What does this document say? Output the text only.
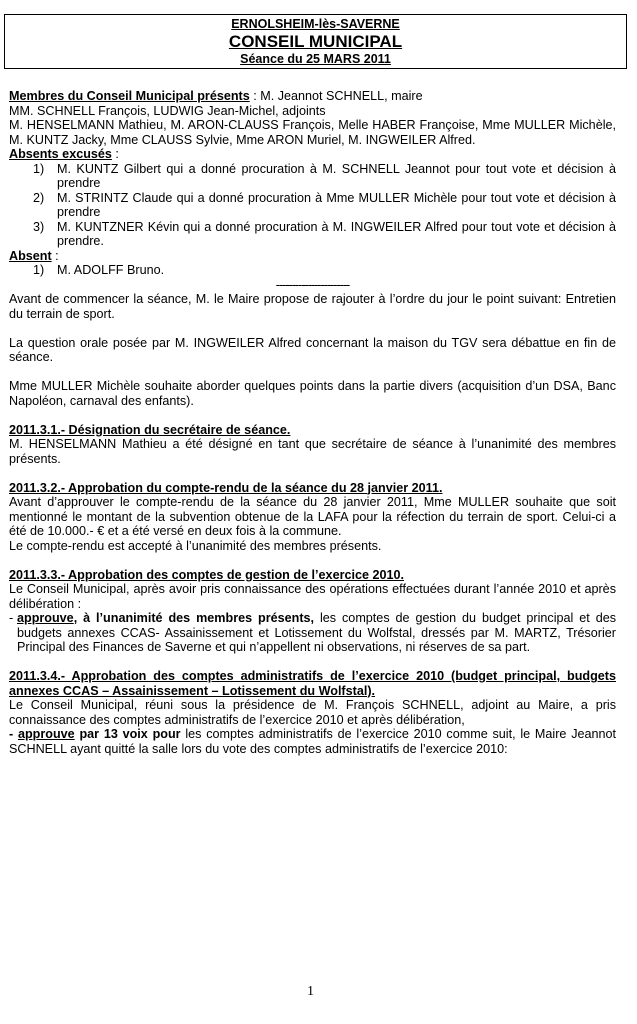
ERNOLSHEIM-lès-SAVERNE
CONSEIL MUNICIPAL
Séance du 25 MARS 2011

Membres du Conseil Municipal présents : M. Jeannot SCHNELL, maire

MM. SCHNELL François, LUDWIG Jean-Michel, adjoints

M. HENSELMANN Mathieu, M. ARON-CLAUSS François, Melle HABER Françoise, Mme MULLER Michèle, M. KUNTZ Jacky, Mme CLAUSS Sylvie, Mme ARON Muriel, M. INGWEILER Alfred.

Absents excusés :

1) M. KUNTZ Gilbert qui a donné procuration à M. SCHNELL Jeannot pour tout vote et décision à prendre
2) M. STRINTZ Claude qui a donné procuration à Mme MULLER Michèle pour tout vote et décision à prendre
3) M. KUNTZNER Kévin qui a donné procuration à M. INGWEILER Alfred pour tout vote et décision à prendre.

Absent :

1) M. ADOLFF Bruno.

-----------------------

Avant de commencer la séance, M. le Maire propose de rajouter à l’ordre du jour le point suivant: Entretien du terrain de sport.

La question orale posée par M. INGWEILER Alfred concernant la maison du TGV sera débattue en fin de séance.

Mme MULLER Michèle souhaite aborder quelques points dans la partie divers (acquisition d’un DSA, Banc Napoléon, carnaval des enfants).

2011.3.1.- Désignation du secrétaire de séance.

M. HENSELMANN Mathieu a été désigné en tant que secrétaire de séance à l’unanimité des membres présents.

2011.3.2.- Approbation du compte-rendu de la séance du 28 janvier 2011.

Avant d’approuver le compte-rendu de la séance du 28 janvier 2011, Mme MULLER souhaite que soit mentionné le montant de la subvention obtenue de la LAFA pour la réfection du terrain de sport. Celui-ci a été de 10.000.- € et a été versé en deux fois à la commune.

Le compte-rendu est accepté à l’unanimité des membres présents.

2011.3.3.- Approbation des comptes de gestion de l’exercice 2010.

Le Conseil Municipal, après avoir pris connaissance des opérations effectuées durant l’année 2010 et après délibération :

- approuve, à l’unanimité des membres présents, les comptes de gestion du budget principal et des budgets annexes CCAS- Assainissement et Lotissement du Wolfstal, dressés par M. MARTZ, Trésorier Principal des Finances de Saverne et qui n’appellent ni observations, ni réserves de sa part.

2011.3.4.- Approbation des comptes administratifs de l’exercice 2010 (budget principal, budgets annexes CCAS – Assainissement – Lotissement du Wolfstal).

Le Conseil Municipal, réuni sous la présidence de M. François SCHNELL, adjoint au Maire, a pris connaissance des comptes administratifs de l’exercice 2010 et après délibération,

- approuve par 13 voix pour les comptes administratifs de l’exercice 2010 comme suit, le Maire Jeannot SCHNELL ayant quitté la salle lors du vote des comptes administratifs de l’exercice 2010:

1
